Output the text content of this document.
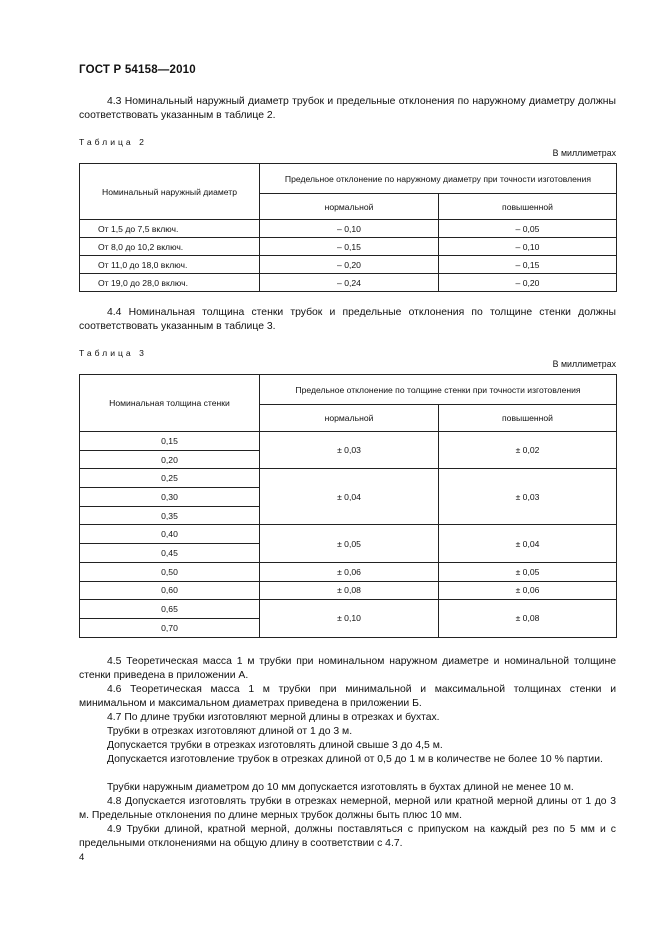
ГОСТ Р 54158—2010
4.3 Номинальный наружный диаметр трубок и предельные отклонения по наружному диаметру должны соответствовать указанным в таблице 2.
Таблица 2
В миллиметрах
Номинальный наружный диаметр	Предельное отклонение по наружному диаметру при точности изготовления	
	нормальной	повышенной
От 1,5 до 7,5 включ.	– 0,10	– 0,05
От 8,0 до 10,2 включ.	– 0,15	– 0,10
От 11,0 до 18,0 включ.	– 0,20	– 0,15
От 19,0 до 28,0 включ.	– 0,24	– 0,20
4.4 Номинальная толщина стенки трубок и предельные отклонения по толщине стенки должны соответствовать указанным в таблице 3.
Таблица 3
В миллиметрах
Номинальная толщина стенки	Предельное отклонение по толщине стенки при точности изготовления	
	нормальной	повышенной
0,15	± 0,03	± 0,02
0,20		
0,25	± 0,04	± 0,03
0,30		
0,35		
0,40	± 0,05	± 0,04
0,45		
0,50	± 0,06	± 0,05
0,60	± 0,08	± 0,06
0,65	± 0,10	± 0,08
0,70		
4.5 Теоретическая масса 1 м трубки при номинальном наружном диаметре и номинальной толщине стенки приведена в приложении А.
4.6 Теоретическая масса 1 м трубки при минимальной и максимальной толщинах стенки и минимальном и максимальном диаметрах приведена в приложении Б.
4.7 По длине трубки изготовляют мерной длины в отрезках и бухтах.
Трубки в отрезках изготовляют длиной от 1 до 3 м.
Допускается трубки в отрезках изготовлять длиной свыше 3 до 4,5 м.
Допускается изготовление трубок в отрезках длиной от 0,5 до 1 м в количестве не более 10 % партии.
Трубки наружным диаметром до 10 мм допускается изготовлять в бухтах длиной не менее 10 м.
4.8 Допускается изготовлять трубки в отрезках немерной, мерной или кратной мерной длины от 1 до 3 м. Предельные отклонения по длине мерных трубок должны быть плюс 10 мм.
4.9 Трубки длиной, кратной мерной, должны поставляться с припуском на каждый рез по 5 мм и с предельными отклонениями на общую длину в соответствии с 4.7.
4
